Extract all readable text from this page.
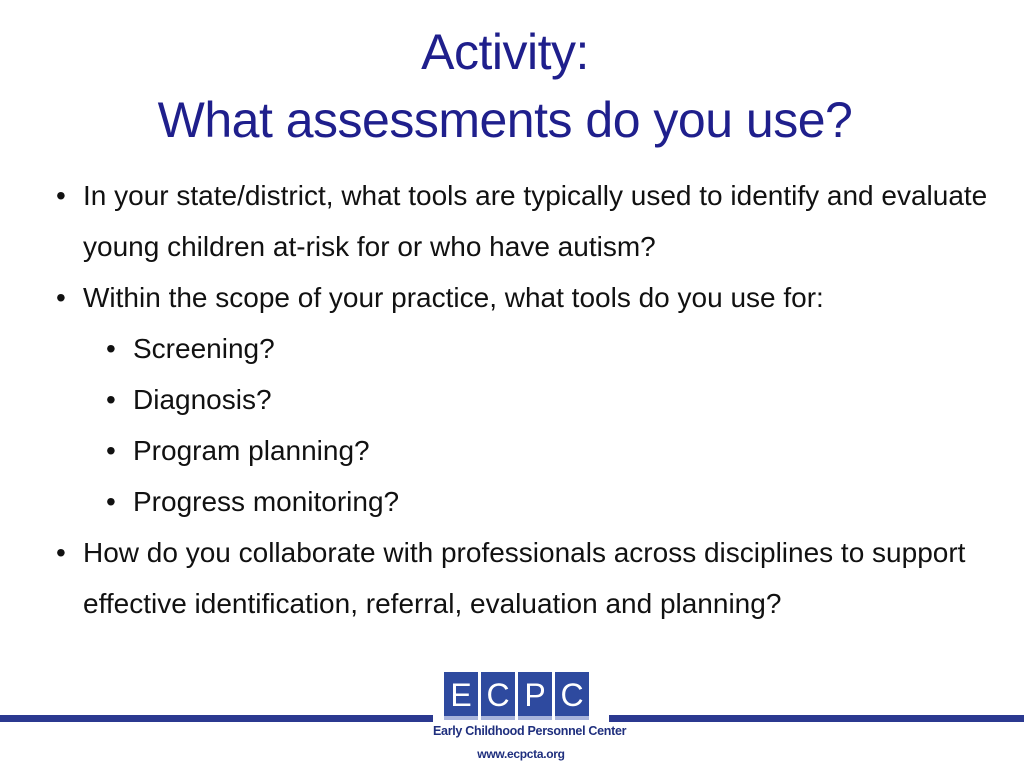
Activity:
What assessments do you use?
• In your state/district, what tools are typically used to identify and evaluate young children at-risk for or who have autism?
• Within the scope of your practice, what tools do you use for:
• Screening?
• Diagnosis?
• Program planning?
• Progress monitoring?
• How do you collaborate with professionals across disciplines to support effective identification, referral, evaluation and planning?
E C P C
Early Childhood Personnel Center
www.ecpcta.org
